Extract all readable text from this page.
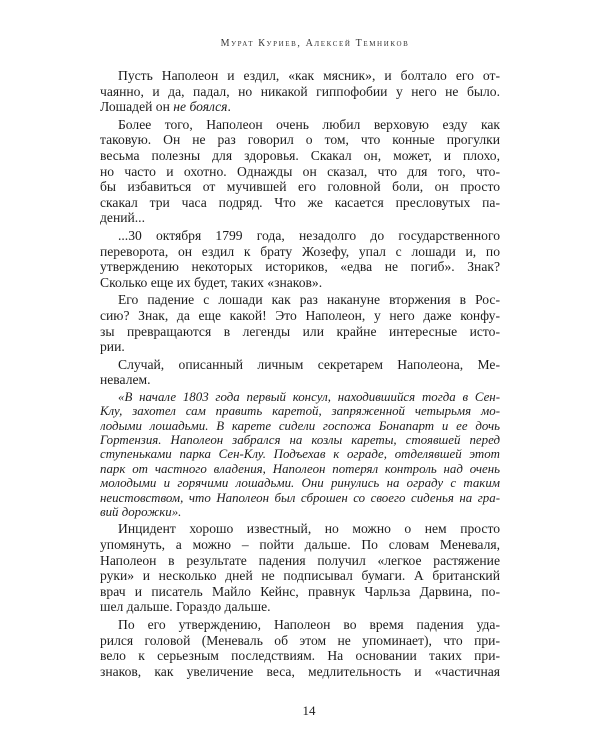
Мурат Куриев, Алексей Темников
Пусть Наполеон и ездил, «как мясник», и болтало его от-
чаянно, и да, падал, но никакой гиппофобии у него не было.
Лошадей он не боялся.
Более того, Наполеон очень любил верховую езду как
таковую. Он не раз говорил о том, что конные прогулки
весьма полезны для здоровья. Скакал он, может, и плохо,
но часто и охотно. Однажды он сказал, что для того, что-
бы избавиться от мучившей его головной боли, он просто
скакал три часа подряд. Что же касается пресловутых па-
дений...
...30 октября 1799 года, незадолго до государственного
переворота, он ездил к брату Жозефу, упал с лошади и, по
утверждению некоторых историков, «едва не погиб». Знак?
Сколько еще их будет, таких «знаков».
Его падение с лошади как раз накануне вторжения в Рос-
сию? Знак, да еще какой! Это Наполеон, у него даже конфу-
зы превращаются в легенды или крайне интересные исто-
рии.
Случай, описанный личным секретарем Наполеона, Ме-
невалем.
«В начале 1803 года первый консул, находившийся тогда в Сен-
Клу, захотел сам править каретой, запряженной четырьмя мо-
лодыми лошадьми. В карете сидели госпожа Бонапарт и ее дочь
Гортензия. Наполеон забрался на козлы кареты, стоявшей перед
ступеньками парка Сен-Клу. Подъехав к ограде, отделявшей этот
парк от частного владения, Наполеон потерял контроль над очень
молодыми и горячими лошадьми. Они ринулись на ограду с таким
неистовством, что Наполеон был сброшен со своего сиденья на гра-
вий дорожки».
Инцидент хорошо известный, но можно о нем просто
упомянуть, а можно – пойти дальше. По словам Меневаля,
Наполеон в результате падения получил «легкое растяжение
руки» и несколько дней не подписывал бумаги. А британский
врач и писатель Майло Кейнс, правнук Чарльза Дарвина, по-
шел дальше. Гораздо дальше.
По его утверждению, Наполеон во время падения уда-
рился головой (Меневаль об этом не упоминает), что при-
вело к серьезным последствиям. На основании таких при-
знаков, как увеличение веса, медлительность и «частичная
14
